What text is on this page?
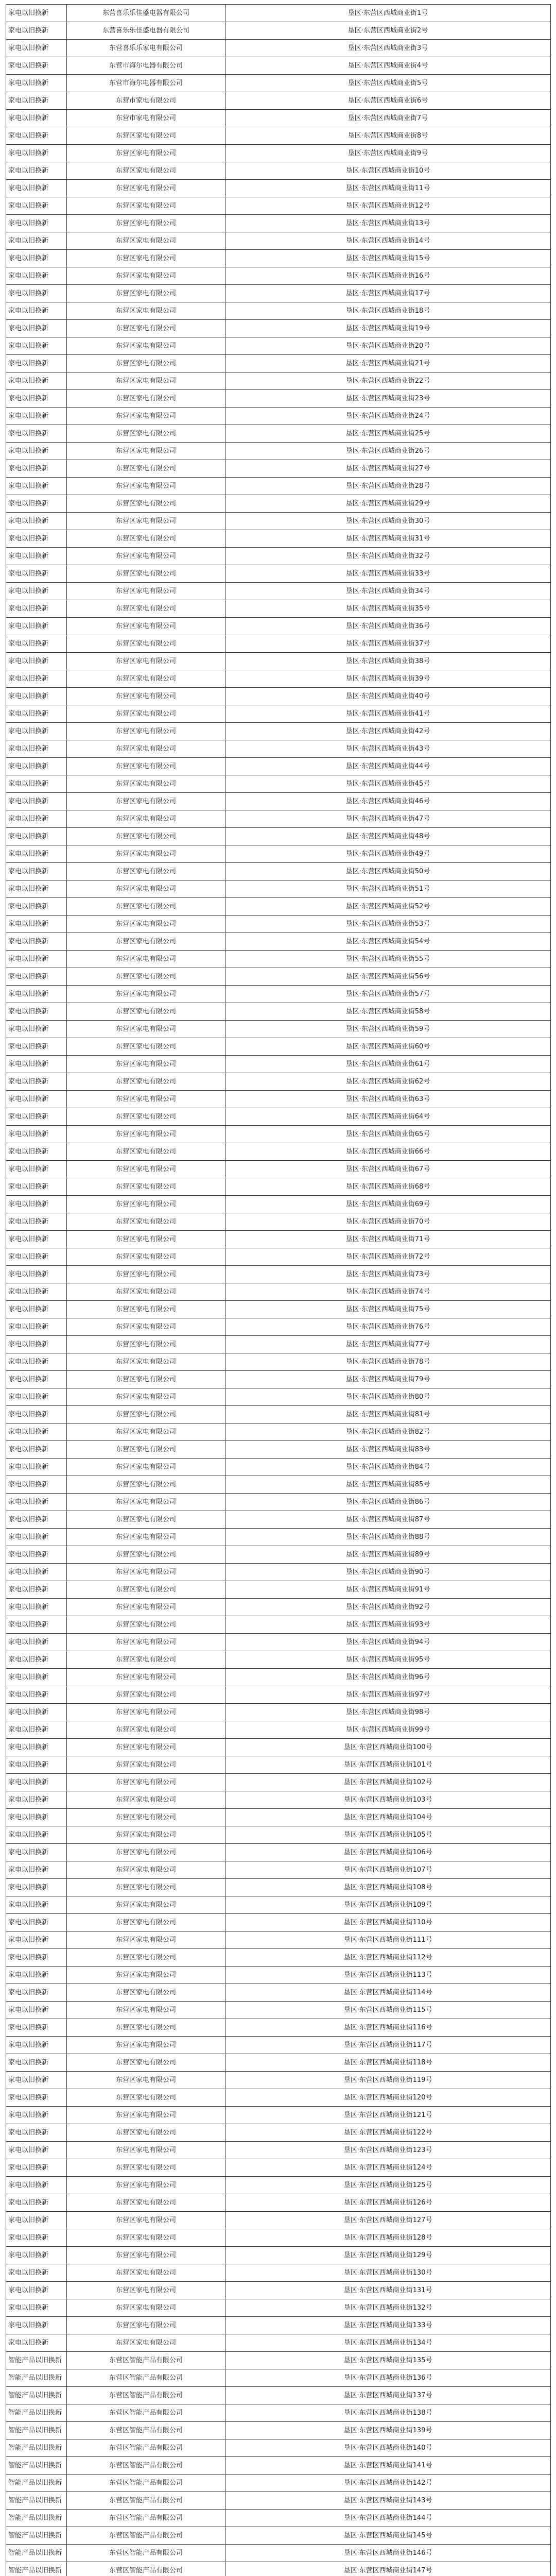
家电以旧换新	东营喜乐乐佳盛电器有限公司	垦区·东营区西城商业街1号
家电以旧换新	东营喜乐乐佳盛电器有限公司	垦区·东营区西城商业街2号
家电以旧换新	东营喜乐乐家电有限公司	垦区·东营区西城商业街3号
家电以旧换新	东营市海尔电器有限公司	垦区·东营区西城商业街4号
家电以旧换新	东营市海尔电器有限公司	垦区·东营区西城商业街5号
家电以旧换新	东营市家电有限公司	垦区·东营区西城商业街6号
家电以旧换新	东营市家电有限公司	垦区·东营区西城商业街7号
家电以旧换新	东营区家电有限公司	垦区·东营区西城商业街8号
家电以旧换新	东营区家电有限公司	垦区·东营区西城商业街9号
家电以旧换新	东营区家电有限公司	垦区·东营区西城商业街10号
家电以旧换新	东营区家电有限公司	垦区·东营区西城商业街11号
家电以旧换新	东营区家电有限公司	垦区·东营区西城商业街12号
家电以旧换新	东营区家电有限公司	垦区·东营区西城商业街13号
家电以旧换新	东营区家电有限公司	垦区·东营区西城商业街14号
家电以旧换新	东营区家电有限公司	垦区·东营区西城商业街15号
家电以旧换新	东营区家电有限公司	垦区·东营区西城商业街16号
家电以旧换新	东营区家电有限公司	垦区·东营区西城商业街17号
家电以旧换新	东营区家电有限公司	垦区·东营区西城商业街18号
家电以旧换新	东营区家电有限公司	垦区·东营区西城商业街19号
家电以旧换新	东营区家电有限公司	垦区·东营区西城商业街20号
家电以旧换新	东营区家电有限公司	垦区·东营区西城商业街21号
家电以旧换新	东营区家电有限公司	垦区·东营区西城商业街22号
家电以旧换新	东营区家电有限公司	垦区·东营区西城商业街23号
家电以旧换新	东营区家电有限公司	垦区·东营区西城商业街24号
家电以旧换新	东营区家电有限公司	垦区·东营区西城商业街25号
家电以旧换新	东营区家电有限公司	垦区·东营区西城商业街26号
家电以旧换新	东营区家电有限公司	垦区·东营区西城商业街27号
家电以旧换新	东营区家电有限公司	垦区·东营区西城商业街28号
家电以旧换新	东营区家电有限公司	垦区·东营区西城商业街29号
家电以旧换新	东营区家电有限公司	垦区·东营区西城商业街30号
家电以旧换新	东营区家电有限公司	垦区·东营区西城商业街31号
家电以旧换新	东营区家电有限公司	垦区·东营区西城商业街32号
家电以旧换新	东营区家电有限公司	垦区·东营区西城商业街33号
家电以旧换新	东营区家电有限公司	垦区·东营区西城商业街34号
家电以旧换新	东营区家电有限公司	垦区·东营区西城商业街35号
家电以旧换新	东营区家电有限公司	垦区·东营区西城商业街36号
家电以旧换新	东营区家电有限公司	垦区·东营区西城商业街37号
家电以旧换新	东营区家电有限公司	垦区·东营区西城商业街38号
家电以旧换新	东营区家电有限公司	垦区·东营区西城商业街39号
家电以旧换新	东营区家电有限公司	垦区·东营区西城商业街40号
家电以旧换新	东营区家电有限公司	垦区·东营区西城商业街41号
家电以旧换新	东营区家电有限公司	垦区·东营区西城商业街42号
家电以旧换新	东营区家电有限公司	垦区·东营区西城商业街43号
家电以旧换新	东营区家电有限公司	垦区·东营区西城商业街44号
家电以旧换新	东营区家电有限公司	垦区·东营区西城商业街45号
家电以旧换新	东营区家电有限公司	垦区·东营区西城商业街46号
家电以旧换新	东营区家电有限公司	垦区·东营区西城商业街47号
家电以旧换新	东营区家电有限公司	垦区·东营区西城商业街48号
家电以旧换新	东营区家电有限公司	垦区·东营区西城商业街49号
家电以旧换新	东营区家电有限公司	垦区·东营区西城商业街50号
家电以旧换新	东营区家电有限公司	垦区·东营区西城商业街51号
家电以旧换新	东营区家电有限公司	垦区·东营区西城商业街52号
家电以旧换新	东营区家电有限公司	垦区·东营区西城商业街53号
家电以旧换新	东营区家电有限公司	垦区·东营区西城商业街54号
家电以旧换新	东营区家电有限公司	垦区·东营区西城商业街55号
家电以旧换新	东营区家电有限公司	垦区·东营区西城商业街56号
家电以旧换新	东营区家电有限公司	垦区·东营区西城商业街57号
家电以旧换新	东营区家电有限公司	垦区·东营区西城商业街58号
家电以旧换新	东营区家电有限公司	垦区·东营区西城商业街59号
家电以旧换新	东营区家电有限公司	垦区·东营区西城商业街60号
家电以旧换新	东营区家电有限公司	垦区·东营区西城商业街61号
家电以旧换新	东营区家电有限公司	垦区·东营区西城商业街62号
家电以旧换新	东营区家电有限公司	垦区·东营区西城商业街63号
家电以旧换新	东营区家电有限公司	垦区·东营区西城商业街64号
家电以旧换新	东营区家电有限公司	垦区·东营区西城商业街65号
家电以旧换新	东营区家电有限公司	垦区·东营区西城商业街66号
家电以旧换新	东营区家电有限公司	垦区·东营区西城商业街67号
家电以旧换新	东营区家电有限公司	垦区·东营区西城商业街68号
家电以旧换新	东营区家电有限公司	垦区·东营区西城商业街69号
家电以旧换新	东营区家电有限公司	垦区·东营区西城商业街70号
家电以旧换新	东营区家电有限公司	垦区·东营区西城商业街71号
家电以旧换新	东营区家电有限公司	垦区·东营区西城商业街72号
家电以旧换新	东营区家电有限公司	垦区·东营区西城商业街73号
家电以旧换新	东营区家电有限公司	垦区·东营区西城商业街74号
家电以旧换新	东营区家电有限公司	垦区·东营区西城商业街75号
家电以旧换新	东营区家电有限公司	垦区·东营区西城商业街76号
家电以旧换新	东营区家电有限公司	垦区·东营区西城商业街77号
家电以旧换新	东营区家电有限公司	垦区·东营区西城商业街78号
家电以旧换新	东营区家电有限公司	垦区·东营区西城商业街79号
家电以旧换新	东营区家电有限公司	垦区·东营区西城商业街80号
家电以旧换新	东营区家电有限公司	垦区·东营区西城商业街81号
家电以旧换新	东营区家电有限公司	垦区·东营区西城商业街82号
家电以旧换新	东营区家电有限公司	垦区·东营区西城商业街83号
家电以旧换新	东营区家电有限公司	垦区·东营区西城商业街84号
家电以旧换新	东营区家电有限公司	垦区·东营区西城商业街85号
家电以旧换新	东营区家电有限公司	垦区·东营区西城商业街86号
家电以旧换新	东营区家电有限公司	垦区·东营区西城商业街87号
家电以旧换新	东营区家电有限公司	垦区·东营区西城商业街88号
家电以旧换新	东营区家电有限公司	垦区·东营区西城商业街89号
家电以旧换新	东营区家电有限公司	垦区·东营区西城商业街90号
家电以旧换新	东营区家电有限公司	垦区·东营区西城商业街91号
家电以旧换新	东营区家电有限公司	垦区·东营区西城商业街92号
家电以旧换新	东营区家电有限公司	垦区·东营区西城商业街93号
家电以旧换新	东营区家电有限公司	垦区·东营区西城商业街94号
家电以旧换新	东营区家电有限公司	垦区·东营区西城商业街95号
家电以旧换新	东营区家电有限公司	垦区·东营区西城商业街96号
家电以旧换新	东营区家电有限公司	垦区·东营区西城商业街97号
家电以旧换新	东营区家电有限公司	垦区·东营区西城商业街98号
家电以旧换新	东营区家电有限公司	垦区·东营区西城商业街99号
家电以旧换新	东营区家电有限公司	垦区·东营区西城商业街100号
家电以旧换新	东营区家电有限公司	垦区·东营区西城商业街101号
家电以旧换新	东营区家电有限公司	垦区·东营区西城商业街102号
家电以旧换新	东营区家电有限公司	垦区·东营区西城商业街103号
家电以旧换新	东营区家电有限公司	垦区·东营区西城商业街104号
家电以旧换新	东营区家电有限公司	垦区·东营区西城商业街105号
家电以旧换新	东营区家电有限公司	垦区·东营区西城商业街106号
家电以旧换新	东营区家电有限公司	垦区·东营区西城商业街107号
家电以旧换新	东营区家电有限公司	垦区·东营区西城商业街108号
家电以旧换新	东营区家电有限公司	垦区·东营区西城商业街109号
家电以旧换新	东营区家电有限公司	垦区·东营区西城商业街110号
家电以旧换新	东营区家电有限公司	垦区·东营区西城商业街111号
家电以旧换新	东营区家电有限公司	垦区·东营区西城商业街112号
家电以旧换新	东营区家电有限公司	垦区·东营区西城商业街113号
家电以旧换新	东营区家电有限公司	垦区·东营区西城商业街114号
家电以旧换新	东营区家电有限公司	垦区·东营区西城商业街115号
家电以旧换新	东营区家电有限公司	垦区·东营区西城商业街116号
家电以旧换新	东营区家电有限公司	垦区·东营区西城商业街117号
家电以旧换新	东营区家电有限公司	垦区·东营区西城商业街118号
家电以旧换新	东营区家电有限公司	垦区·东营区西城商业街119号
家电以旧换新	东营区家电有限公司	垦区·东营区西城商业街120号
家电以旧换新	东营区家电有限公司	垦区·东营区西城商业街121号
家电以旧换新	东营区家电有限公司	垦区·东营区西城商业街122号
家电以旧换新	东营区家电有限公司	垦区·东营区西城商业街123号
家电以旧换新	东营区家电有限公司	垦区·东营区西城商业街124号
家电以旧换新	东营区家电有限公司	垦区·东营区西城商业街125号
家电以旧换新	东营区家电有限公司	垦区·东营区西城商业街126号
家电以旧换新	东营区家电有限公司	垦区·东营区西城商业街127号
家电以旧换新	东营区家电有限公司	垦区·东营区西城商业街128号
家电以旧换新	东营区家电有限公司	垦区·东营区西城商业街129号
家电以旧换新	东营区家电有限公司	垦区·东营区西城商业街130号
家电以旧换新	东营区家电有限公司	垦区·东营区西城商业街131号
家电以旧换新	东营区家电有限公司	垦区·东营区西城商业街132号
家电以旧换新	东营区家电有限公司	垦区·东营区西城商业街133号
家电以旧换新	东营区家电有限公司	垦区·东营区西城商业街134号
智能产品以旧换新	东营区智能产品有限公司	垦区·东营区西城商业街135号
智能产品以旧换新	东营区智能产品有限公司	垦区·东营区西城商业街136号
智能产品以旧换新	东营区智能产品有限公司	垦区·东营区西城商业街137号
智能产品以旧换新	东营区智能产品有限公司	垦区·东营区西城商业街138号
智能产品以旧换新	东营区智能产品有限公司	垦区·东营区西城商业街139号
智能产品以旧换新	东营区智能产品有限公司	垦区·东营区西城商业街140号
智能产品以旧换新	东营区智能产品有限公司	垦区·东营区西城商业街141号
智能产品以旧换新	东营区智能产品有限公司	垦区·东营区西城商业街142号
智能产品以旧换新	东营区智能产品有限公司	垦区·东营区西城商业街143号
智能产品以旧换新	东营区智能产品有限公司	垦区·东营区西城商业街144号
智能产品以旧换新	东营区智能产品有限公司	垦区·东营区西城商业街145号
智能产品以旧换新	东营区智能产品有限公司	垦区·东营区西城商业街146号
智能产品以旧换新	东营区智能产品有限公司	垦区·东营区西城商业街147号
